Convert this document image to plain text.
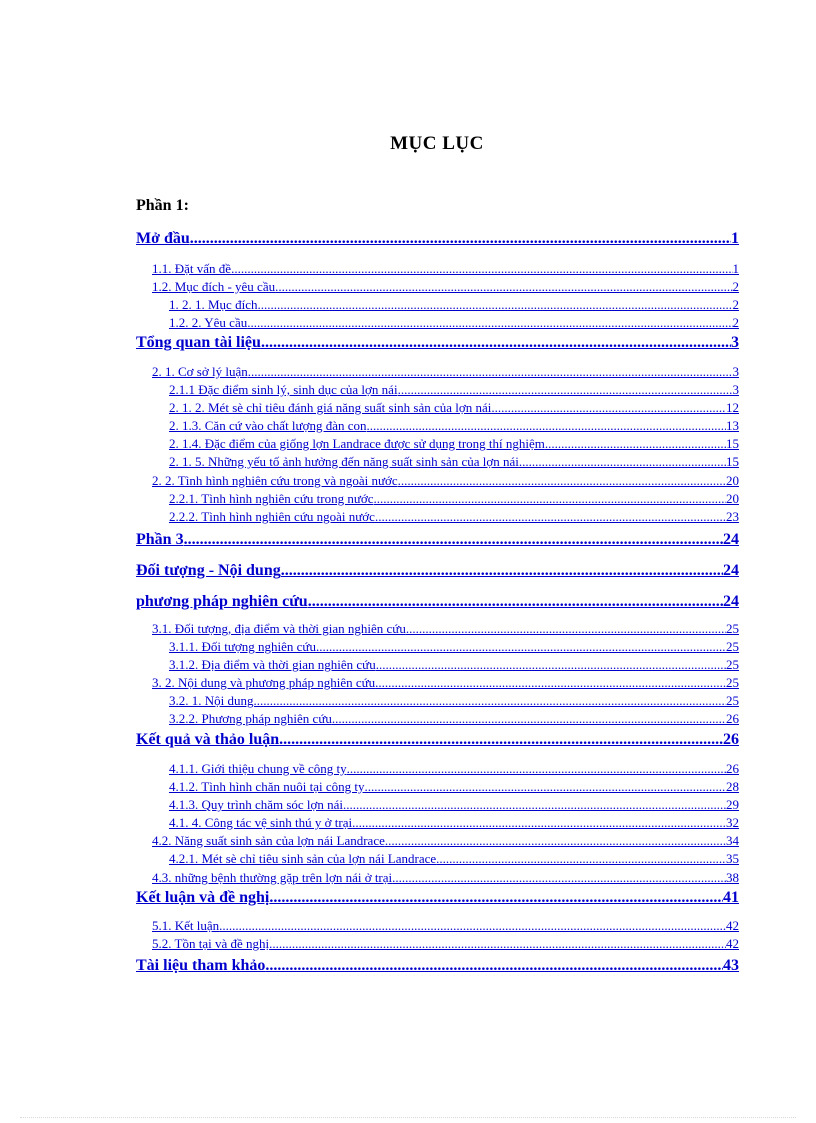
MỤC LỤC
Phần 1:
Mở đầu .....	1
1.1. Đặt vấn đề .....	1
1.2. Mục đích - yêu cầu .....	2
1. 2. 1. Mục đích .....	2
1.2. 2. Yêu cầu .....	2
Tổng quan tài liệu .....	3
2. 1. Cơ sở lý luận .....	3
2.1.1 Đặc điểm sinh lý, sinh dục của lợn nái .....	3
2. 1. 2. Mét sè chỉ tiêu đánh giá năng suất sinh sản của lợn nái .....	12
2. 1.3. Căn cứ vào chất lượng đàn con .....	13
2. 1.4. Đặc điểm của giống lợn Landrace được sử dụng trong thí nghiệm .....	15
2. 1. 5. Những yếu tố ảnh hưởng đến năng suất sinh sản của lợn nái .....	15
2. 2. Tình hình nghiên cứu trong và ngoài nước .....	20
2.2.1. Tình hình nghiên cứu trong nước .....	20
2.2.2. Tình hình nghiên cứu ngoài nước .....	23
Phần 3 .....	24
Đối tượng - Nội dung .....	24
phương pháp nghiên cứu .....	24
3.1. Đối tượng, địa điểm và thời gian nghiên cứu .....	25
3.1.1. Đối tượng nghiên cứu .....	25
3.1.2. Địa điểm và thời gian nghiên cứu .....	25
3. 2. Nội dung và phương pháp nghiên cứu .....	25
3.2. 1. Nội dung .....	25
3.2.2. Phương pháp nghiên cứu .....	26
Kết quả và thảo luận .....	26
4.1.1. Giới thiệu chung về công ty .....	26
4.1.2. Tình hình chăn nuôi tại công ty .....	28
4.1.3. Quy trình chăm sóc lợn nái .....	29
4.1. 4. Công tác vệ sinh thú y ở trại .....	32
4.2. Năng suất sinh sản của lợn nái Landrace .....	34
4.2.1. Mét sè chỉ tiêu sinh sản của lợn nái Landrace .....	35
4.3. những bệnh thường gặp trên lợn nái ở trại .....	38
Kết luận và đề nghị .....	41
5.1. Kết luận .....	42
5.2. Tồn tại và đề nghị .....	42
Tài liệu tham khảo .....	43
